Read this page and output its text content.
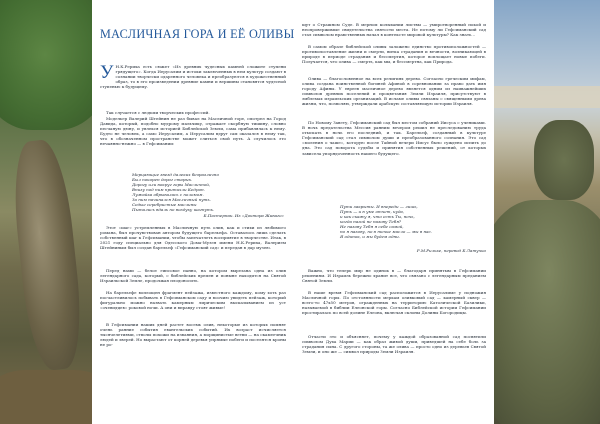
МАСЛИЧНАЯ ГОРА И ЕЁ ОЛИВЫ
У Н.К.Рериха есть сюжет «Из древних чудесных камней сложите ступени грядущего». Когда Иерусалим и истоки заключенных в нем культур создают в сознании творчески одаренного человека и преобразуются в художественный образ, то в его произведении древние камни и вершины становятся чудесной ступенью к будущему.

Так случается с людьми творческих профессий.

Модельер Валерий Штейнин не раз бывал на Масличной горе, смотрел на Город Давида, который, подобно мудрому мальчику, отражает скорбную тишину, словно песчаную дюну, и увлекся историей Библейской Земли, сама прибавлялась к нему. Будто не человек, а само Иерусалим, а Иерусалим вдруг сам оказался в нему так, что в обозначенном пространстве может слиться свой путь. А случилось это нечаянно-нежно — в Гефсимании:

Мерцающие звезд далеких безразлично

Был покорен дорог старых.

Дорогу или вокруг горы Масличной,

Внизу под ним притихли Кедрон.

Лужайка обрывалась с поломом.

За ним начинался Масличный путь.

Седые серебристые маслины

Пытались вдаль по воздуху шагнуть.

Б.Пастернак. Из «Доктора Живаго»

Этот «шаг» устремленных в Масличную путь олив, как и стихи из любимого романа, был прочувствован автором будущего барельефа. Оставалось лишь сделать собственный шаг к Гефсимании, чтобы запечатлеть восприятие в творчестве. Итак, в 2021 году специально для Одесского Дома-Музея имени Н.К.Рериха, Валерием Штейниным был создан барельеф «Гефсиманский сад» и передан в дар музею.

Перед нами — белое гипсовое панно, на котором вырезана одна из олив легендарного сада, который, с библейских времен и поныне находится на Святой Израильской Земле, продолжая плодоносить.

На барельефе воплощен фрагмент пейзажа, известного каждому, кому хоть раз посчастливилось побывать в Гефсиманском саду и воочию увидеть пейзаж, который фигурально можно назвать камерным лирическим высказыванием из уст «очевидцев» роковой ночи. А они и вправду стоят живые!

В Гефсимании наших дней растет восемь олив, некоторые из которых помнят очень ранние события евангельских событий. Их возраст исчисляется тысячелетиями, стволы похожи на изваяния, а морщинистые ветви — на скамеечник людей и зверей. Но вырастают от корней деревья упрямые побеги и поселятся кроны не ро-

щут о Страшном Суде. В мерном колыхании листвы — умиротворенный покой и неопровержимые свидетельства святости места. Не потому ли Гефсиманский сад стал символом нравственных начал в контексте мировой культуры? Как знать...

В самом образе библейской оливы заложено единство противоположностей — противопоставление жизни и смерти, витка страдания и вечности, возникающей в природе в периоде страдания и бессмертия, которое воплощает новые побеги. Получается, что олива — смерть, как мы, и бессмертна, как Природа.

Олива — благословенное на всех религиях дерево. Согласно греческим мифам, олива создана воинственной богиней Афиной в соревновании за право дать имя городу Афины. У евреев масличное дерево является одним из наиважнейших символов древних поселений и процветания Земли Израиля, присутствуют в эмблемах израильских организаций. В исламе оливы связаны с священными древа жизни, что, позволяю, утверждали арабскую составляющую истории Израиля.

По Новому Завету, Гефсиманский сад был местом собраний Иисуса с учениками. В ночь предательства Мессия ранним вечером решил не преследованию труда отыскать в ночь его последний, и так. Барельеф, созданный в культуре Гефсиманский сад стал символом души и преобразованного сознания. Это сад «моления о чаше», которую после Тайной вечери Иисус было суждено испить до дна. Это сад поворота судьбы и принятия собственных решений, от которых зависела упорядоченность нашего будущего.

Пути закрыты. И впереди — лишь,

Путь — и в уме отчет, куда,

и как скажу я, что есть Ты, ночь,

когда нагой не назову Тебя?

Не назову Тебя я себе самой,

но я назову, по в точке масло — мы в нас.

Я одинок, и мы будем одни.

Р.М.Рильке, перевод Б.Латучко

Важно, что теперь мир не одинок в — благодаря принятым в Гефсимании решениям. И Израиль бережно хранит все, что связано с легендарным преданием Святой Земли.

В наше время Гефсиманский сад расположится в Иерусалиме у подножия Масличной горы. По отстоянности меркам оливковый сад — камерный сквер — всего-то 47x50 метров, огражденных на территорию Католической Базилики, называемой в библии Елеонской горы. Согласно Библейской истории Гефсимании простиралась по всей долине Елеона, включая склоны Долины Богородицы.

Отчасти это и объясняет, почему у каждой образованной сад посвятили символом Духа Марии — как образ живой души, приведшей на себе боль за страдания сына. С другого стороны, та же олива — просто одно из деревьев Святой Земли, и оно же — символ природы Земли Израиля.
